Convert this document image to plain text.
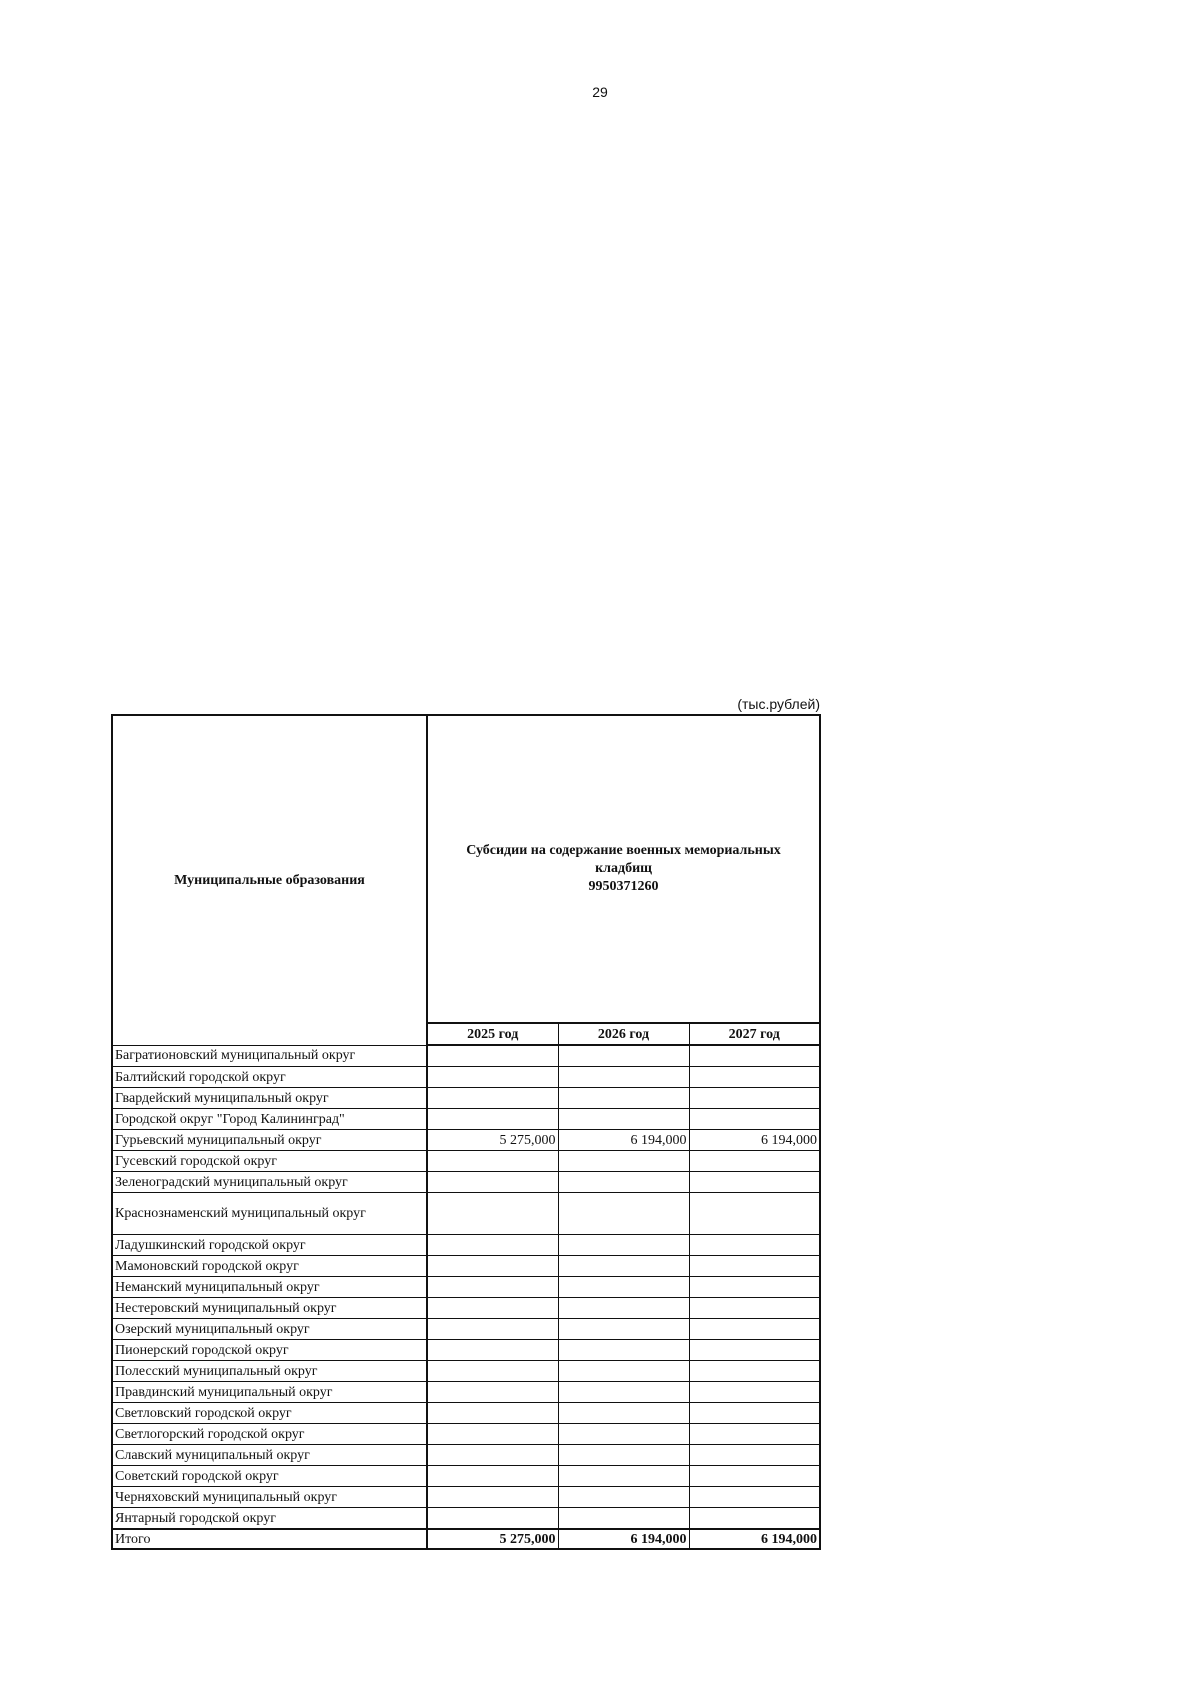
29
(тыс.рублей)
Муниципальные образования	Субсидии на содержание военных мемориальных
кладбищ
9950371260		

	2025 год	2026 год	2027 год
Багратионовский муниципальный округ			
Балтийский городской округ			
Гвардейский муниципальный округ			
Городской округ "Город Калининград"			
Гурьевский муниципальный округ	5 275,000	6 194,000	6 194,000
Гусевский городской округ			
Зеленоградский муниципальный округ			
Краснознаменский муниципальный округ			
Ладушкинский городской округ			
Мамоновский городской округ			
Неманский муниципальный округ			
Нестеровский муниципальный округ			
Озерский муниципальный округ			
Пионерский городской округ			
Полесский муниципальный округ			
Правдинский муниципальный округ			
Светловский городской округ			
Светлогорский городской округ			
Славский муниципальный округ			
Советский городской округ			
Черняховский муниципальный округ			
Янтарный городской округ			
Итого	5 275,000	6 194,000	6 194,000
